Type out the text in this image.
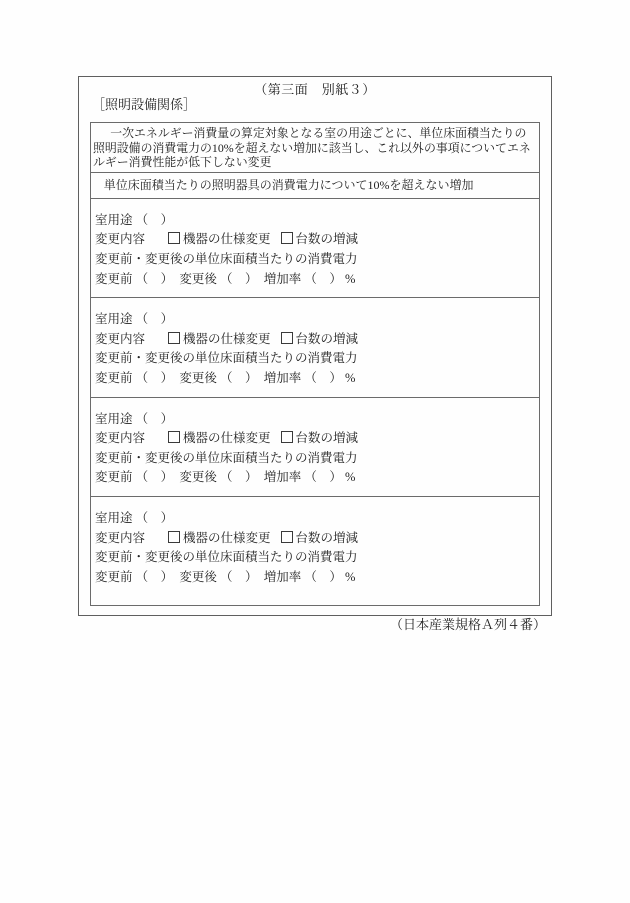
（第三面　別紙３）
［照明設備関係］
一次エネルギー消費量の算定対象となる室の用途ごとに、単位床面積当たりの照明設備の消費電力の10%を超えない増加に該当し、これ以外の事項についてエネルギー消費性能が低下しない変更
単位床面積当たりの照明器具の消費電力について10%を超えない増加
室用途 （　）
変更内容	機器の仕様変更 台数の増減
変更前・変更後の単位床面積当たりの消費電力
変更前 （　）　変更後 （　）　増加率 （　） %
室用途 （　）
変更内容	機器の仕様変更 台数の増減
変更前・変更後の単位床面積当たりの消費電力
変更前 （　）　変更後 （　）　増加率 （　） %
室用途 （　）
変更内容	機器の仕様変更 台数の増減
変更前・変更後の単位床面積当たりの消費電力
変更前 （　）　変更後 （　）　増加率 （　） %
室用途 （　）
変更内容	機器の仕様変更 台数の増減
変更前・変更後の単位床面積当たりの消費電力
変更前 （　）　変更後 （　）　増加率 （　） %
（日本産業規格Ａ列４番）
